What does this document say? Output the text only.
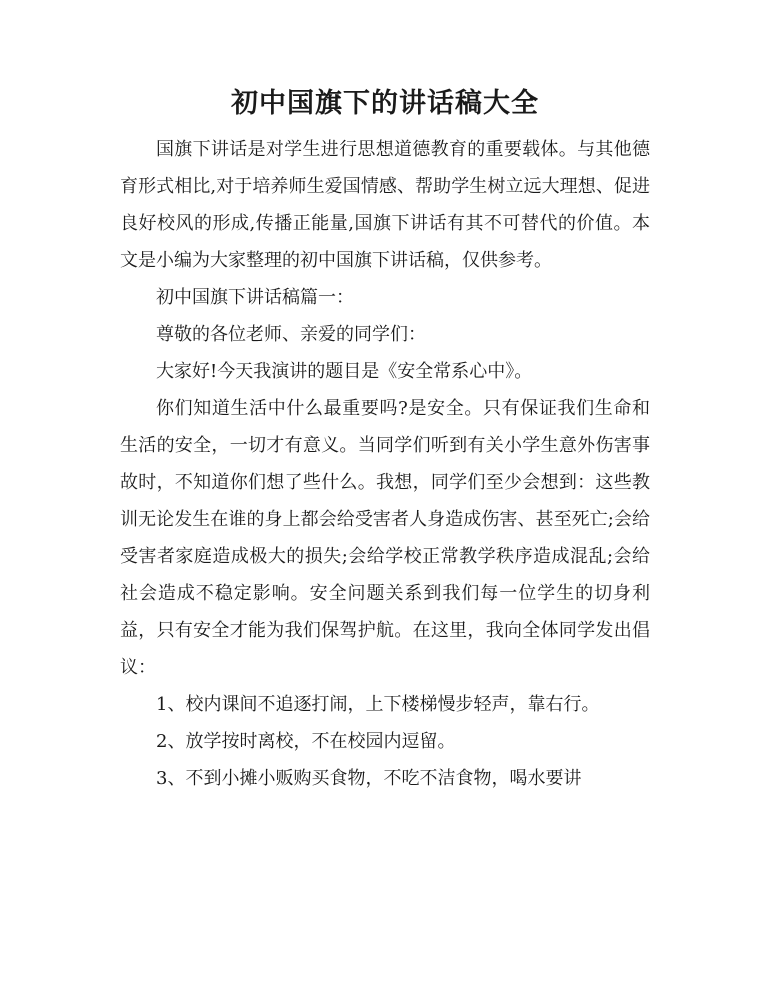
初中国旗下的讲话稿大全

国旗下讲话是对学生进行思想道德教育的重要载体。与其他德育形式相比,对于培养师生爱国情感、帮助学生树立远大理想、促进良好校风的形成,传播正能量,国旗下讲话有其不可替代的价值。本文是小编为大家整理的初中国旗下讲话稿，仅供参考。

初中国旗下讲话稿篇一：

尊敬的各位老师、亲爱的同学们：

大家好!今天我演讲的题目是《安全常系心中》。

你们知道生活中什么最重要吗?是安全。只有保证我们生命和生活的安全，一切才有意义。当同学们听到有关小学生意外伤害事故时，不知道你们想了些什么。我想，同学们至少会想到：这些教训无论发生在谁的身上都会给受害者人身造成伤害、甚至死亡;会给受害者家庭造成极大的损失;会给学校正常教学秩序造成混乱;会给社会造成不稳定影响。安全问题关系到我们每一位学生的切身利益，只有安全才能为我们保驾护航。在这里，我向全体同学发出倡议：

1、校内课间不追逐打闹，上下楼梯慢步轻声，靠右行。

2、放学按时离校，不在校园内逗留。

3、不到小摊小贩购买食物，不吃不洁食物，喝水要讲
